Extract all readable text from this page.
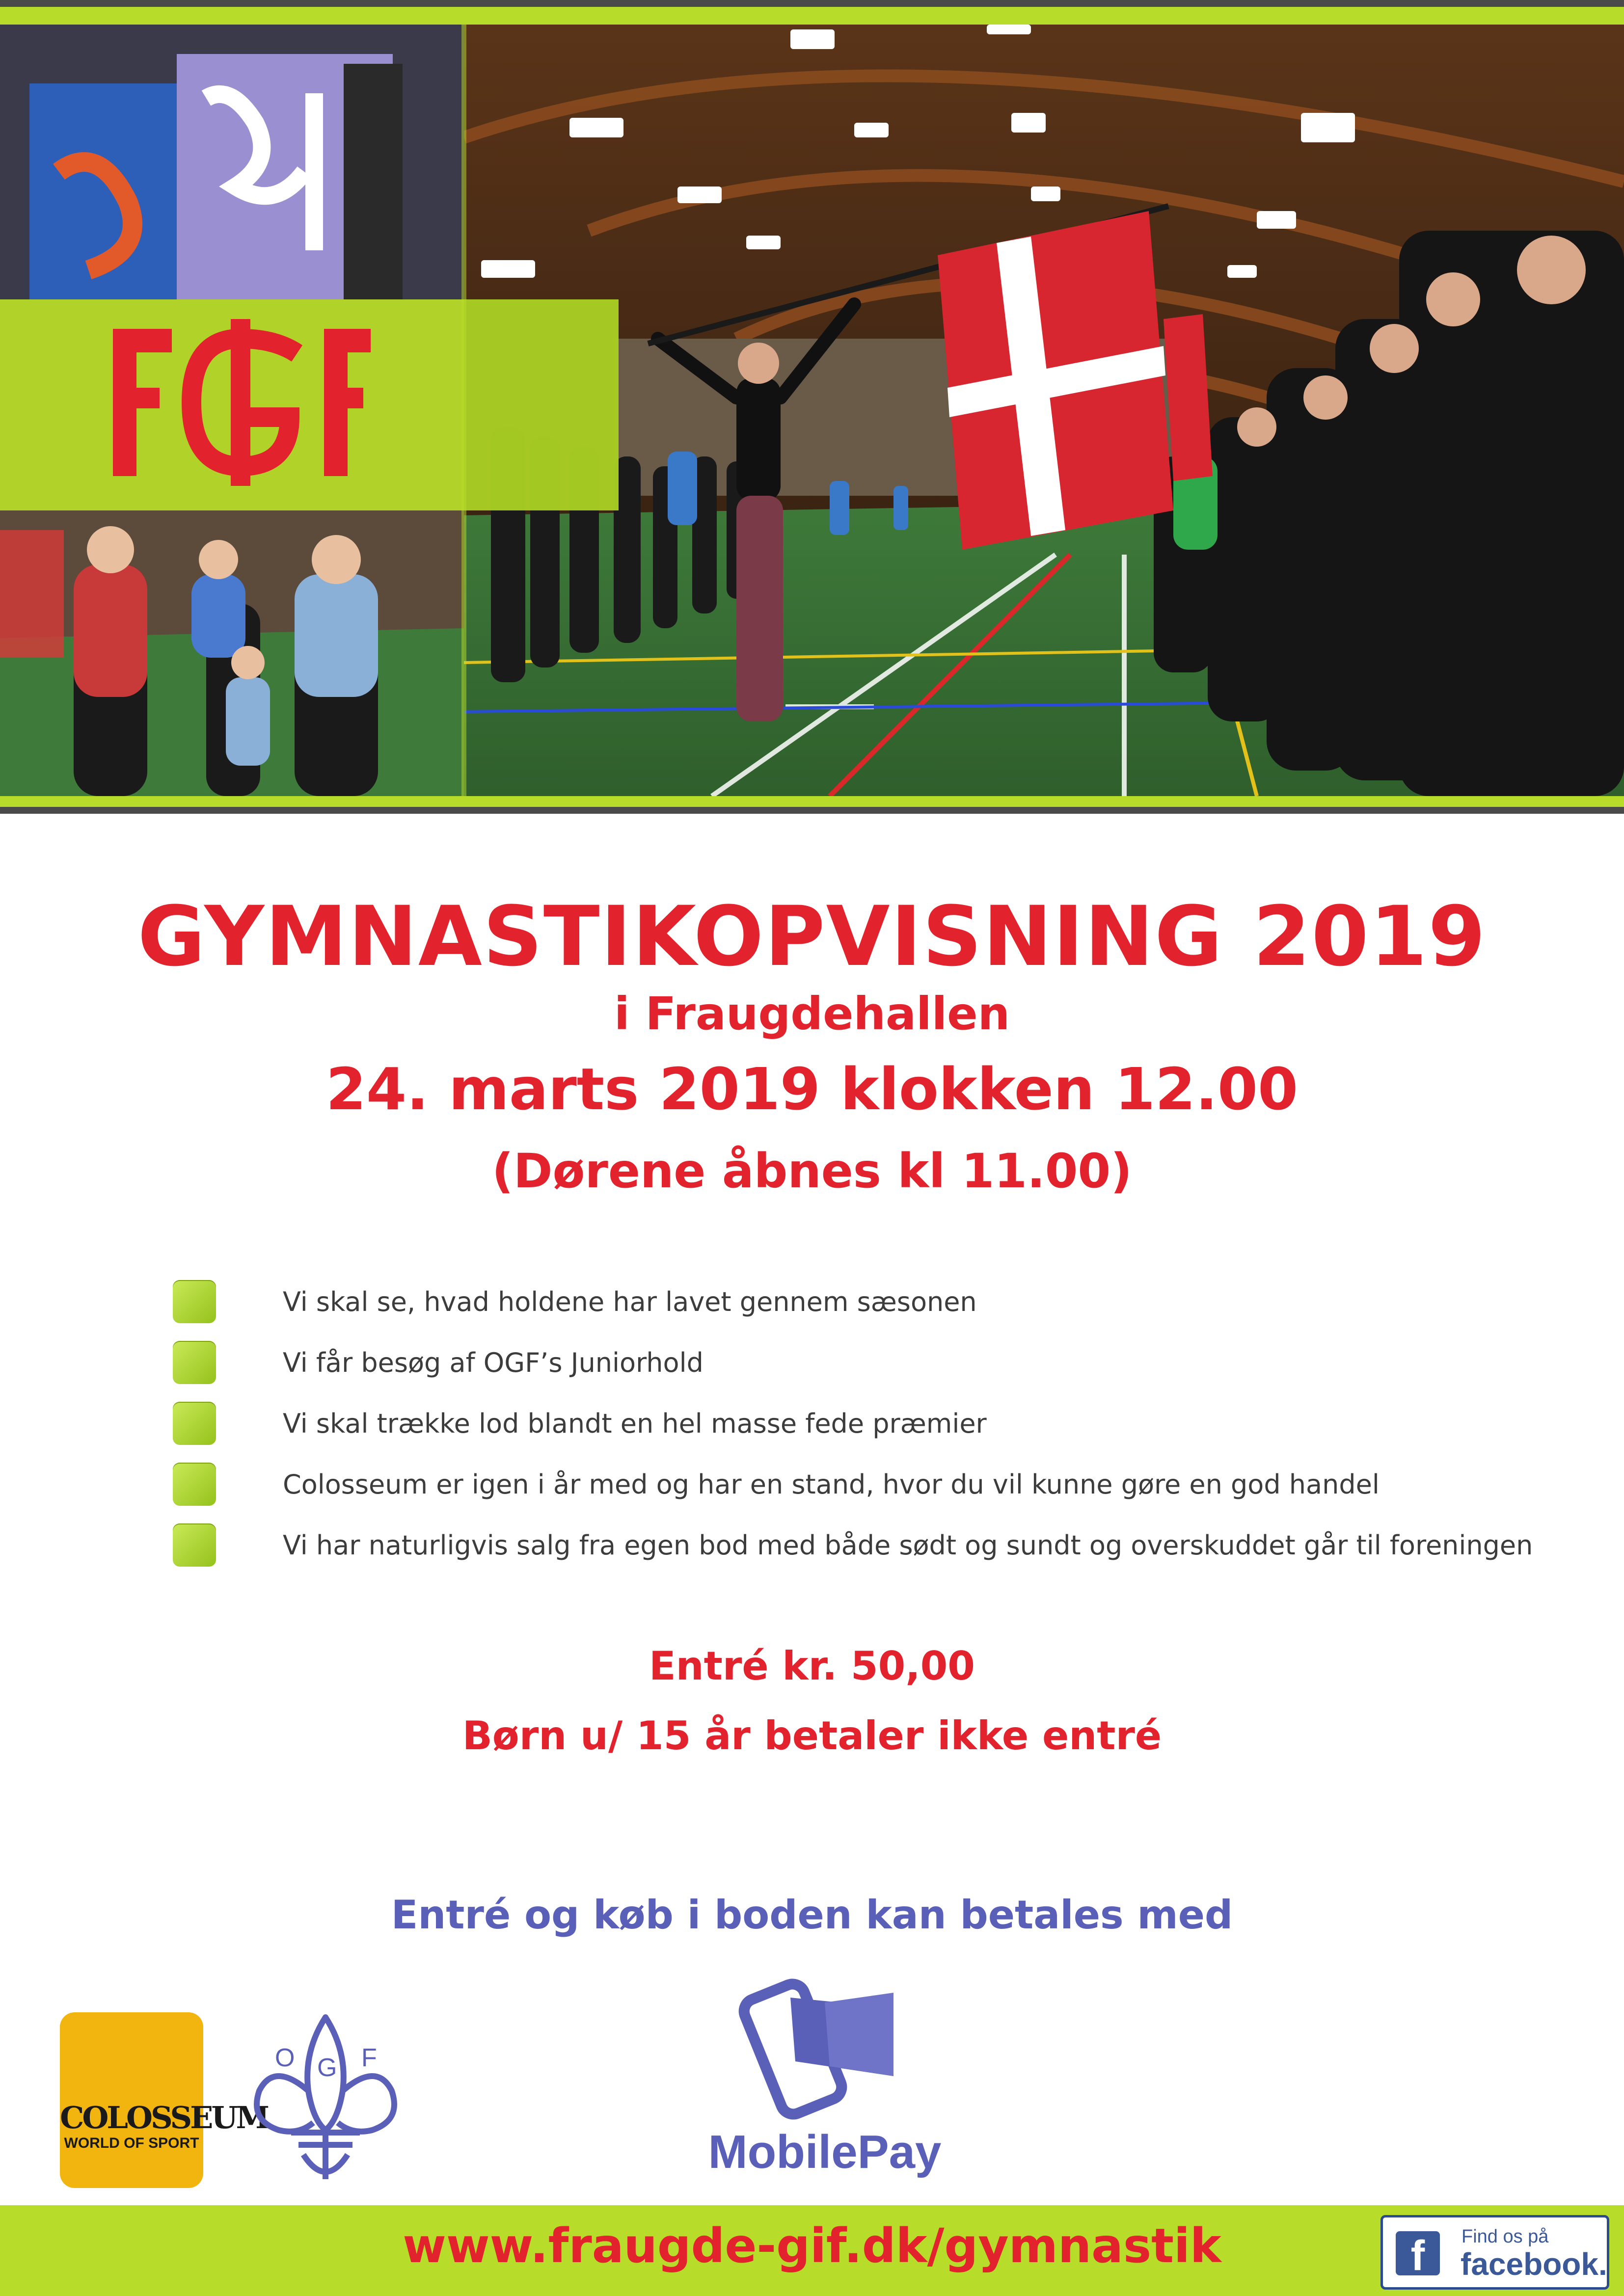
GYMNASTIKOPVISNING 2019

i Fraugdehallen

24. marts 2019 klokken 12.00

(Dørene åbnes kl 11.00)

Vi skal se, hvad holdene har lavet gennem sæsonen
Vi får besøg af OGF’s Juniorhold
Vi skal trække lod blandt en hel masse fede præmier
Colosseum er igen i år med og har en stand, hvor du vil kunne gøre en god handel
Vi har naturligvis salg fra egen bod med både sødt og sundt og overskuddet går til foreningen

Entré kr. 50,00

Børn u/ 15 år betaler ikke entré

Entré og køb i boden kan betales med

COLOSSEUM
WORLD OF SPORT
O G F
MobilePay

www.fraugde-gif.dk/gymnastik	f	Find os på
facebook.
